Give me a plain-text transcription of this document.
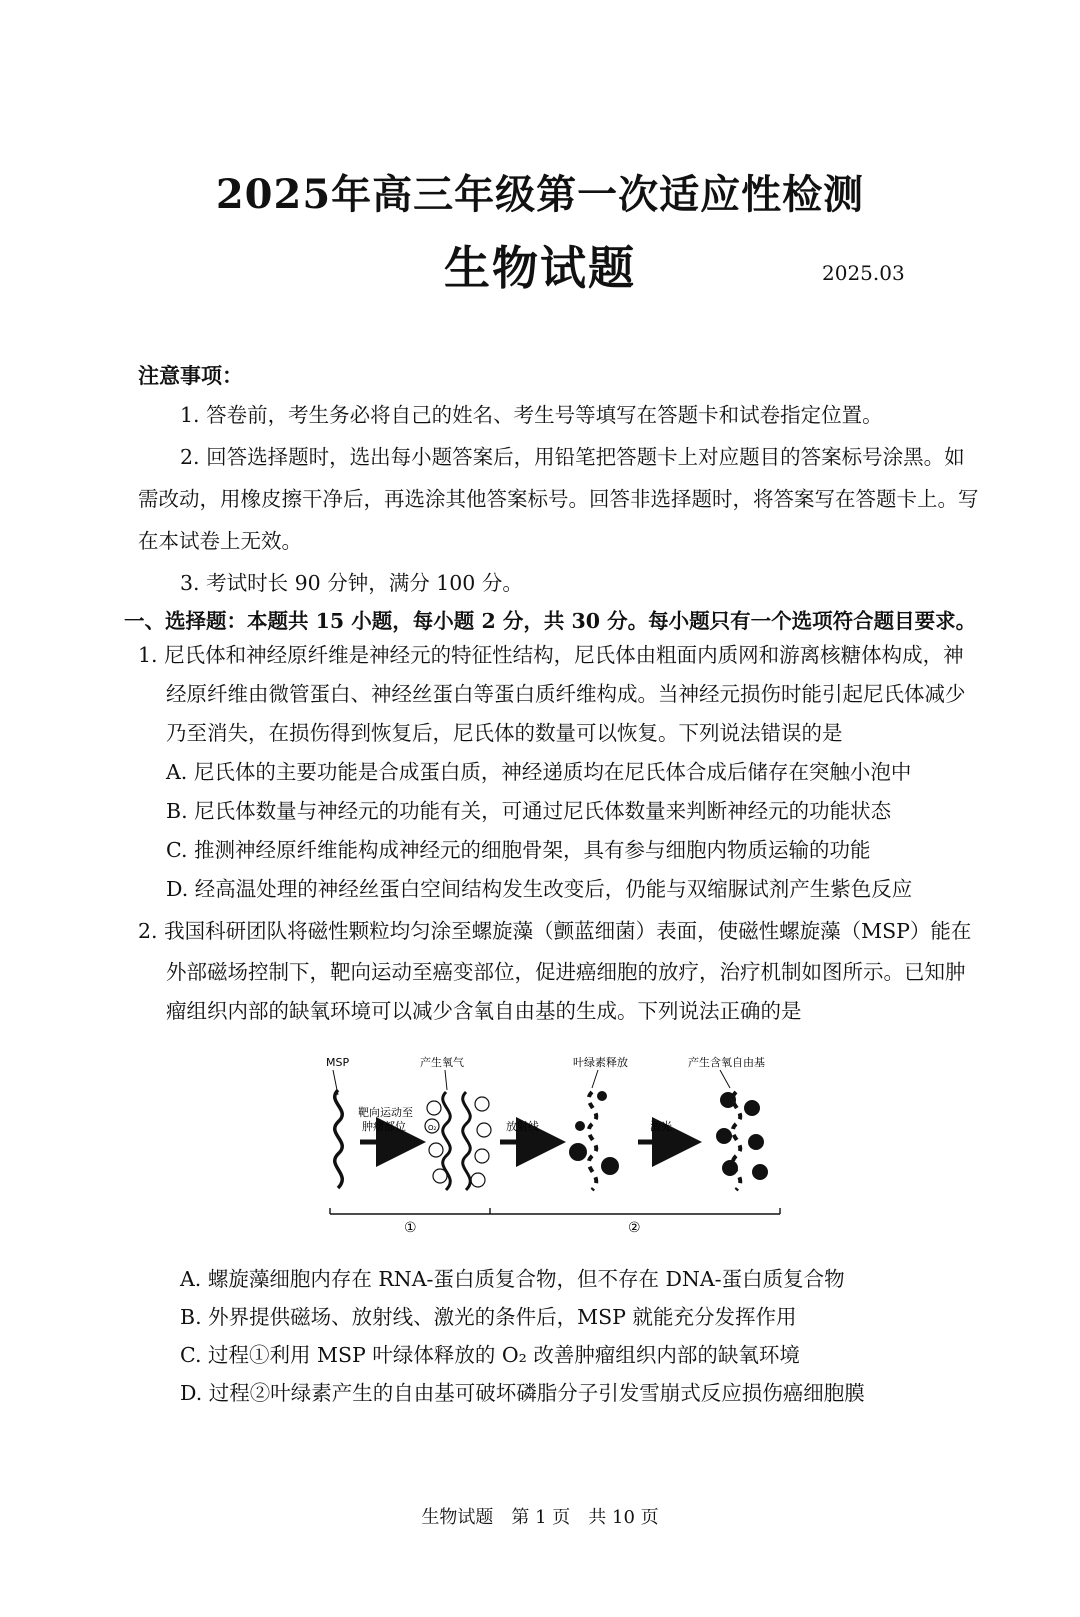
2025年高三年级第一次适应性检测
生物试题	2025.03
注意事项：
1. 答卷前，考生务必将自己的姓名、考生号等填写在答题卡和试卷指定位置。
2. 回答选择题时，选出每小题答案后，用铅笔把答题卡上对应题目的答案标号涂黑。如
需改动，用橡皮擦干净后，再选涂其他答案标号。回答非选择题时，将答案写在答题卡上。写
在本试卷上无效。
3. 考试时长 90 分钟，满分 100 分。
一、选择题：本题共 15 小题，每小题 2 分，共 30 分。每小题只有一个选项符合题目要求。
1. 尼氏体和神经原纤维是神经元的特征性结构，尼氏体由粗面内质网和游离核糖体构成，神
经原纤维由微管蛋白、神经丝蛋白等蛋白质纤维构成。当神经元损伤时能引起尼氏体减少
乃至消失，在损伤得到恢复后，尼氏体的数量可以恢复。下列说法错误的是
A. 尼氏体的主要功能是合成蛋白质，神经递质均在尼氏体合成后储存在突触小泡中
B. 尼氏体数量与神经元的功能有关，可通过尼氏体数量来判断神经元的功能状态
C. 推测神经原纤维能构成神经元的细胞骨架，具有参与细胞内物质运输的功能
D. 经高温处理的神经丝蛋白空间结构发生改变后，仍能与双缩脲试剂产生紫色反应
2. 我国科研团队将磁性颗粒均匀涂至螺旋藻（颤蓝细菌）表面，使磁性螺旋藻（MSP）能在
外部磁场控制下，靶向运动至癌变部位，促进癌细胞的放疗，治疗机制如图所示。已知肿
瘤组织内部的缺氧环境可以减少含氧自由基的生成。下列说法正确的是
MSP	产生氧气	叶绿素释放	产生含氧自由基
靶向运动至
肿瘤部位	O₂	放射线	激光
①	②
A. 螺旋藻细胞内存在 RNA-蛋白质复合物，但不存在 DNA-蛋白质复合物
B. 外界提供磁场、放射线、激光的条件后，MSP 就能充分发挥作用
C. 过程①利用 MSP 叶绿体释放的 O₂ 改善肿瘤组织内部的缺氧环境
D. 过程②叶绿素产生的自由基可破坏磷脂分子引发雪崩式反应损伤癌细胞膜
生物试题　第 1 页　共 10 页
